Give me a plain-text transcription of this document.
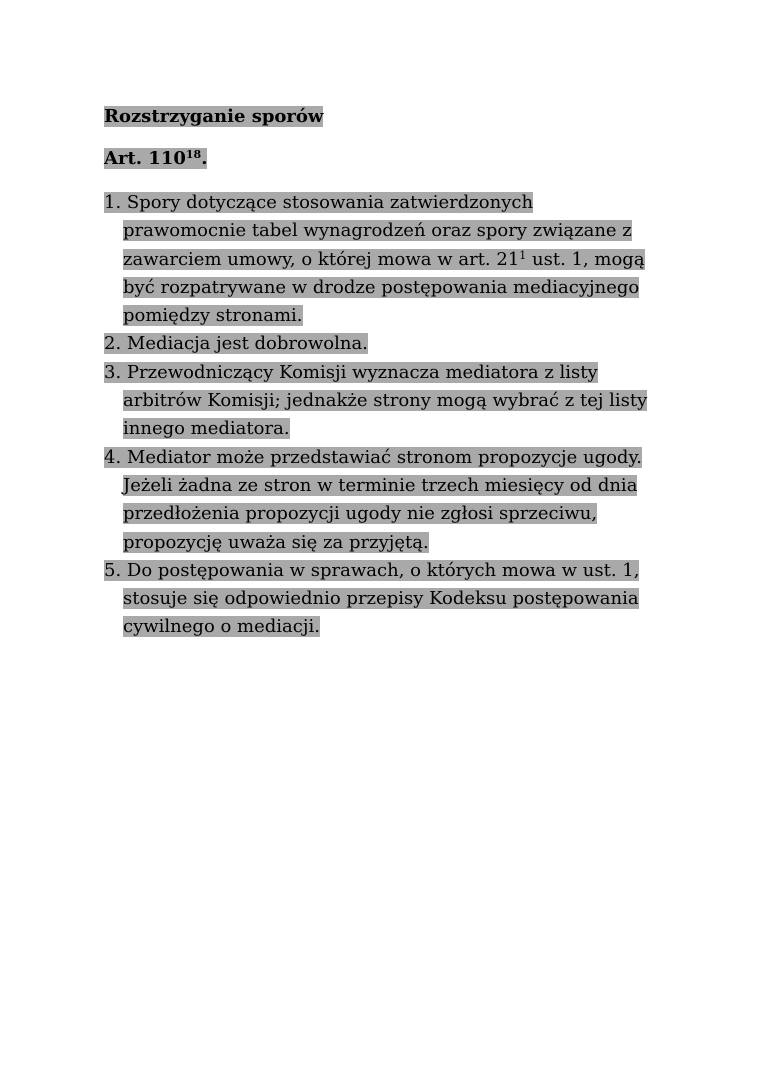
Rozstrzyganie sporów

Art. $110^{18}$.

1. Spory dotyczące stosowania zatwierdzonych
prawomocnie tabel wynagrodzeń oraz spory związane z
zawarciem umowy, o której mowa w art. 21$^1$ ust. 1, mogą
być rozpatrywane w drodze postępowania mediacyjnego
pomiędzy stronami.
2. Mediacja jest dobrowolna.
3. Przewodniczący Komisji wyznacza mediatora z listy
arbitrów Komisji; jednakże strony mogą wybrać z tej listy
innego mediatora.
4. Mediator może przedstawiać stronom propozycje ugody.
Jeżeli żadna ze stron w terminie trzech miesięcy od dnia
przedłożenia propozycji ugody nie zgłosi sprzeciwu,
propozycję uważa się za przyjętą.
5. Do postępowania w sprawach, o których mowa w ust. 1,
stosuje się odpowiednio przepisy Kodeksu postępowania
cywilnego o mediacji.
